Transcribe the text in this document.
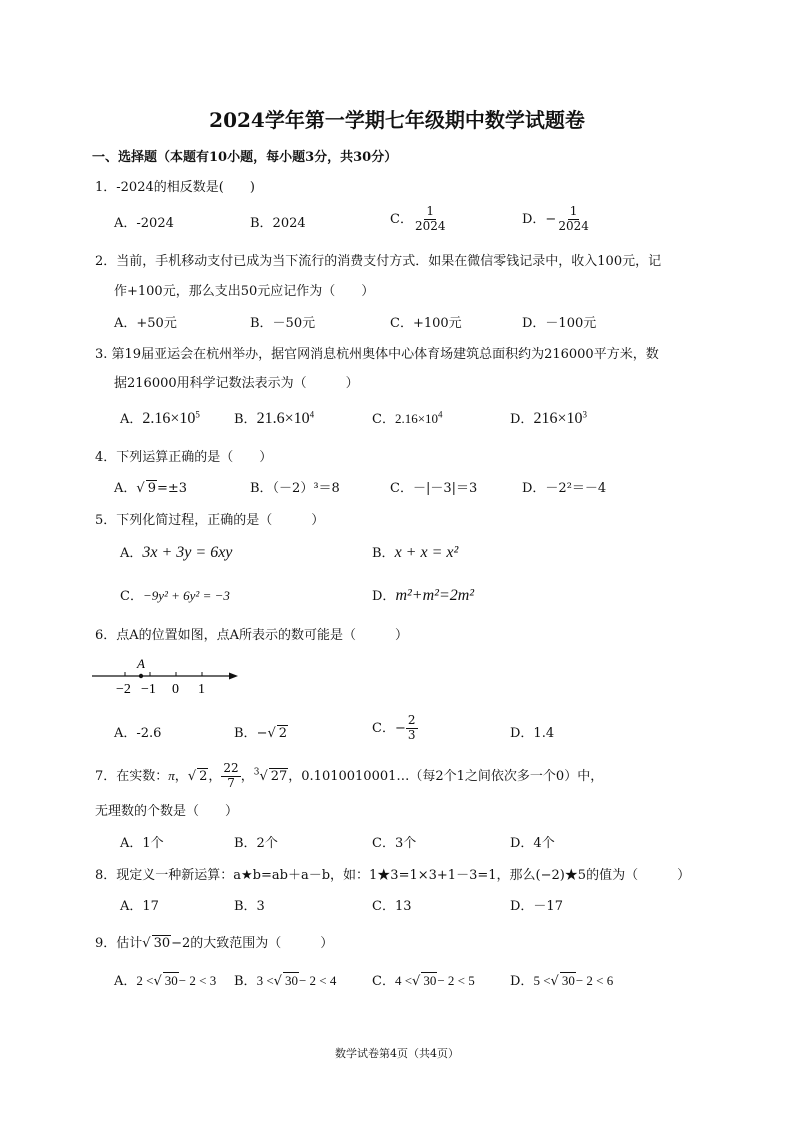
2024学年第一学期七年级期中数学试题卷
一、选择题（本题有10小题，每小题3分，共30分）
1．-2024的相反数是(　　)
A．-2024	B．2024	C． $\frac{1}{2024}$	D．− $\frac{1}{2024}$
2．当前，手机移动支付已成为当下流行的消费支付方式．如果在微信零钱记录中，收入100元，记
作+100元，那么支出50元应记作为（　　）
A．+50元	B．－50元	C．+100元	D．－100元
3. 第19届亚运会在杭州举办，据官网消息杭州奥体中心体育场建筑总面积约为216000平方米，数
据216000用科学记数法表示为（　　　）
A．$2.16\times 10^5$	B．$21.6\times 10^4$	C．$2.16\times 10^4$	D．$216\times 10^3$
4．下列运算正确的是（　　）
A．√ 9=±3	B．（－2）³＝8	C．－|－3|＝3	D．－2²＝－4
5．下列化简过程，正确的是（　　　）
A．3x + 3y = 6xy	B．x + x = x²
C．−9y² + 6y² = −3	D．m²+m²=2m²
6．点A的位置如图，点A所表示的数可能是（　　　）
A
−2 −1 0 1
A．-2.6	B．−√ 2	C．− $\frac{2}{3}$	D．1.4
7．在实数：π，√ 2， $\frac{22}{7}$ ，$^3$√ 27，0.1010010001…（每2个1之间依次多一个0）中，
无理数的个数是（　　）
A．1个	B．2个	C．3个	D．4个
8．现定义一种新运算：a★b=ab＋a－b，如：1★3=1×3+1－3=1，那么(−2)★5的值为（　　　）
A．17	B．3	C．13	D．－17
9．估计√ 30−2的大致范围为（　　　）
A．2 <√ 30− 2 < 3 B．3 <√ 30− 2 < 4	C．4 <√ 30− 2 < 5	D．5 <√ 30− 2 < 6
数学试卷第4页（共4页）
